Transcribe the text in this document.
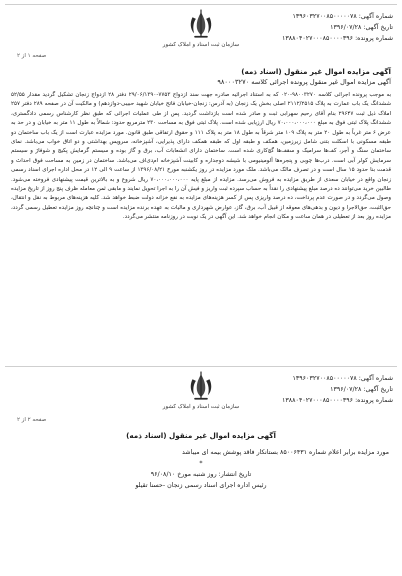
سازمان ثبت اسناد و املاک کشور
شماره آگهی: ۱۳۹۶۰۳۲۷۰۰۸۵۰۰۰۰۰۷۸
تاریخ آگهی: ۱۳۹۶/۰۷/۲۸
شماره پرونده: ۱۳۸۸۰۴۰۲۷۰۰۰۸۵۰۰۰۰۳۹۶
صفحه ۱ از ۲
آگهی مزایده اموال غیر منقول (اسناد ذمه)
آگهی مزایده اموال غیر منقول پرونده اجرائی کلاسه ۹۸۰۰۰۳۲۷۰
به موجب پرونده اجرائی کلاسه ۹۸۰۰۳۲۷۰-۰۲۰ که به استناد اجرائیه صادره جهت سند ازدواج ۷۷۵۳-۲۹/۰۶/۱۳۹۰ دفتر ۲۸ ازدواج زنجان تشکیل گردید مقدار ۵۲/۵۵ ششدانگ یک باب عمارت به پلاک ۲۱۱۲/۲۵۱۵ اصلی بخش یک زنجان (به آدرس: زنجان-خیابان فاتح خیابان شهید حبیبی-دوازدهم) و مالکیت آن در صفحه ۲۸۹ دفتر ۲۵۷ املاک ذیل ثبت ۲۹۶۴۷ بنام آقای رحیم سهرابی ثبت و صادر شده است بازداشت گردید. پس از طی عملیات اجرائی که طبق نظر کارشناس رسمی دادگستری، ششدانگ پلاک ثبتی فوق به مبلغ ۷۰،۰۰۰،۰۰۰،۰۰۰ ریال ارزیابی شده است. پلاک ثبتی فوق به مساحت ۲۳۰ مترمربع حدود: شمالاً به طول ۱۱ متر به خیابان و در حد به عرض ۶ متر غرباً به طول ۲۰ متر به پلاک ۱۰۹ متر شرقاً به طول ۱۸ متر به پلاک ۱۱۱ و حقوق ارتفاقی طبق قانون. مورد مزایده عبارت است از یک باب ساختمان دو طبقه مسکونی با اسکلت بتنی شامل زیرزمین، همکف و طبقه اول که طبقه همکف دارای پذیرایی، آشپزخانه، سرویس بهداشتی و دو اتاق خواب می‌باشد. نمای ساختمان سنگ و آجر، کف‌ها سرامیک و سقف‌ها گچ‌کاری شده است. ساختمان دارای انشعابات آب، برق و گاز بوده و سیستم گرمایش پکیج و شوفاژ و سیستم سرمایش کولر آبی است. درب‌ها چوبی و پنجره‌ها آلومینیومی با شیشه دوجداره و کابینت آشپزخانه ام‌دی‌اف می‌باشد. ساختمان در زمین به مساحت فوق احداث و قدمت بنا حدود ۱۵ سال است و در تصرف مالک می‌باشد. ملک مورد مزایده در روز یکشنبه مورخ ۱۳۹۶/۰۸/۲۱ از ساعت ۹ الی ۱۲ در محل اداره اجرای اسناد رسمی زنجان واقع در خیابان سعدی از طریق مزایده به فروش می‌رسد. مزایده از مبلغ پایه ۷۰،۰۰۰،۰۰۰،۰۰۰ ریال شروع و به بالاترین قیمت پیشنهادی فروخته می‌شود. طالبین خرید می‌توانند ده درصد مبلغ پیشنهادی را نقداً به حساب سپرده ثبت واریز و فیش آن را به اجرا تحویل نمایند و مابقی ثمن معامله ظرف پنج روز از تاریخ مزایده وصول می‌گردد و در صورت عدم پرداخت، ده درصد واریزی پس از کسر هزینه‌های مزایده به نفع خزانه دولت ضبط خواهد شد. کلیه هزینه‌های مربوط به نقل و انتقال، حق‌الثبت، حق‌الاجرا و دیون و بدهی‌های معوقه از قبیل آب، برق، گاز، عوارض شهرداری و مالیات به عهده برنده مزایده است و چنانچه روز مزایده تعطیل رسمی گردد، مزایده روز بعد از تعطیلی در همان ساعت و مکان انجام خواهد شد. این آگهی در یک نوبت در روزنامه منتشر می‌گردد.
سازمان ثبت اسناد و املاک کشور
شماره آگهی: ۱۳۹۶۰۳۲۷۰۰۸۵۰۰۰۰۰۷۸
تاریخ آگهی: ۱۳۹۶/۰۷/۲۸
شماره پرونده: ۱۳۸۸۰۴۰۲۷۰۰۰۸۵۰۰۰۰۳۹۶
صفحه ۲ از ۲
آگهی مزایده اموال غیر منقول (اسناد ذمه)
مورد مزایده برابر اعلام شماره ۸۵۰۰۶۴۳۱ بستانکار فاقد پوشش بیمه ای میباشد
*
تاریخ انتشار: روز شنبه مورخ ۹۶/۰۸/۱۰
رئیس اداره اجرای اسناد رسمی زنجان -حسنا تقیلو
